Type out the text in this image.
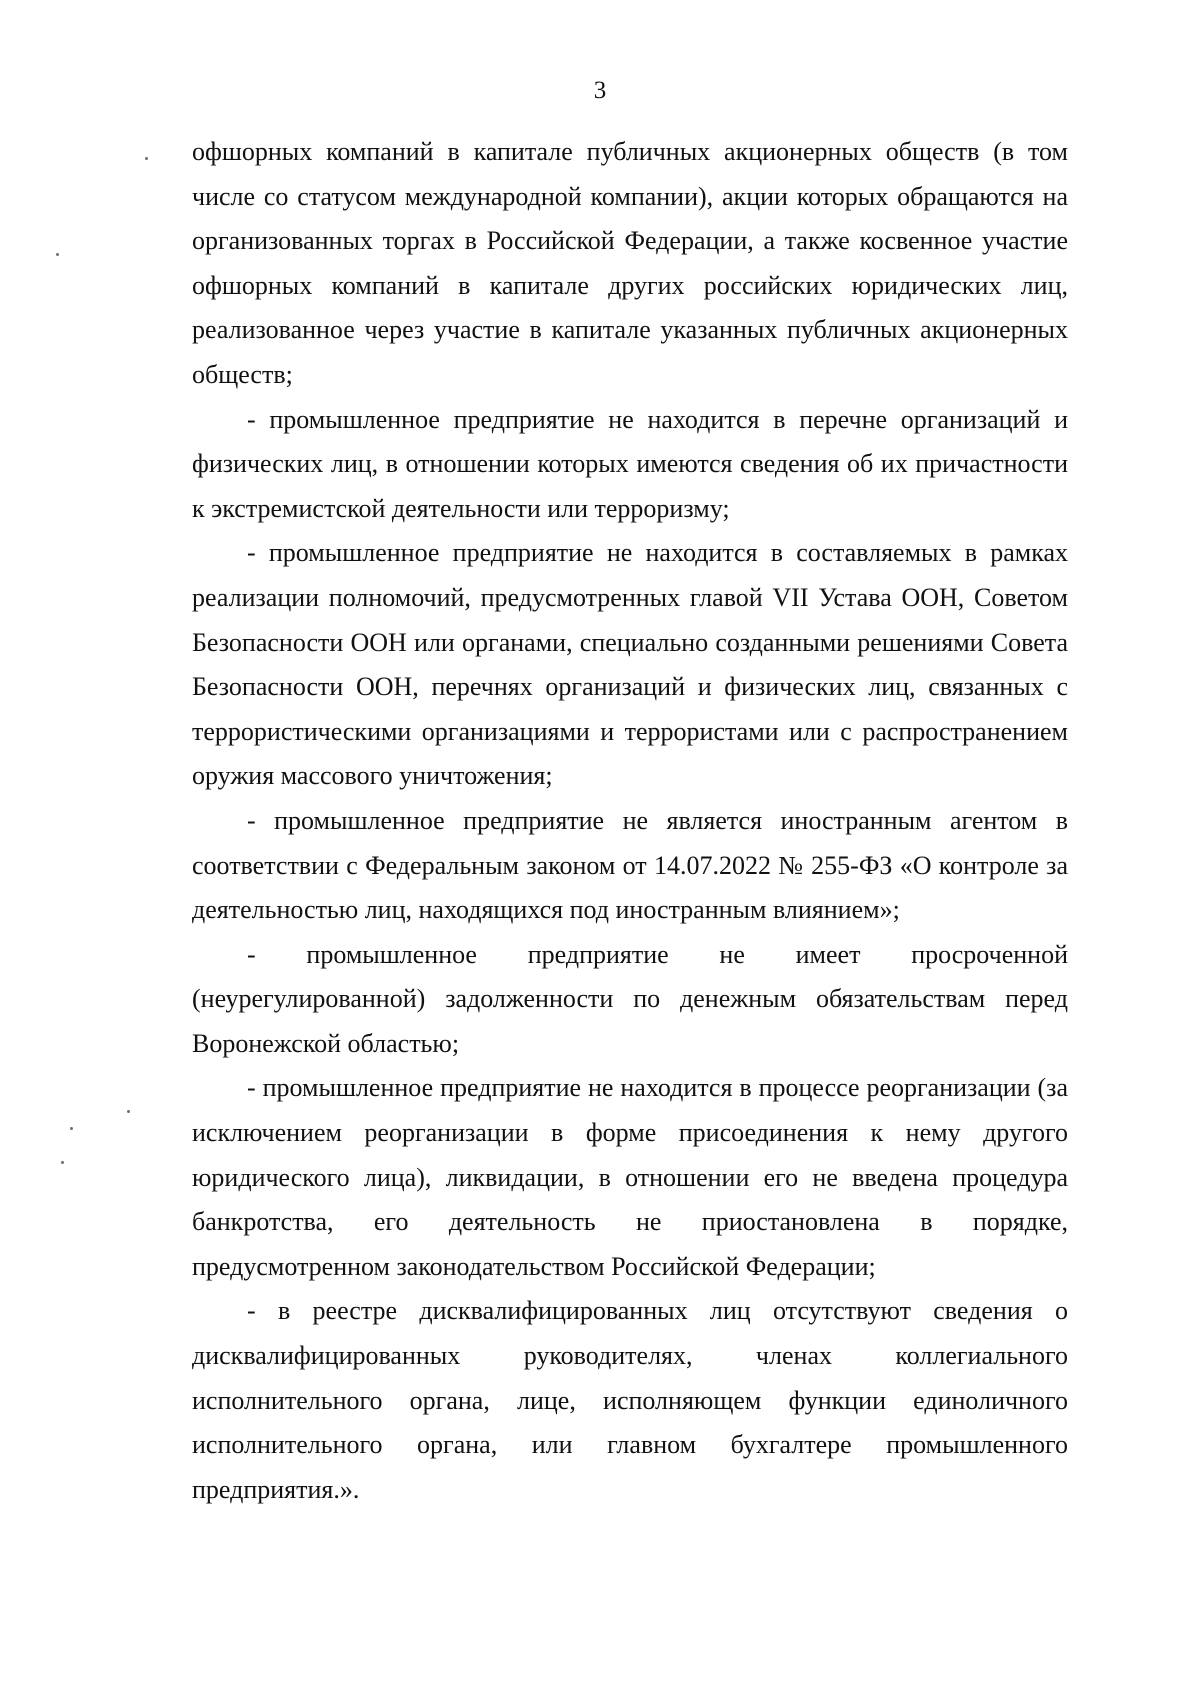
3

офшорных компаний в капитале публичных акционерных обществ (в том числе со статусом международной компании), акции которых обращаются на организованных торгах в Российской Федерации, а также косвенное участие офшорных компаний в капитале других российских юридических лиц, реализованное через участие в капитале указанных публичных акционерных обществ;

- промышленное предприятие не находится в перечне организаций и физических лиц, в отношении которых имеются сведения об их причастности к экстремистской деятельности или терроризму;

- промышленное предприятие не находится в составляемых в рамках реализации полномочий, предусмотренных главой VII Устава ООН, Советом Безопасности ООН или органами, специально созданными решениями Совета Безопасности ООН, перечнях организаций и физических лиц, связанных с террористическими организациями и террористами или с распространением оружия массового уничтожения;

- промышленное предприятие не является иностранным агентом в соответствии с Федеральным законом от 14.07.2022 № 255-ФЗ «О контроле за деятельностью лиц, находящихся под иностранным влиянием»;

- промышленное предприятие не имеет просроченной (неурегулированной) задолженности по денежным обязательствам перед Воронежской областью;

- промышленное предприятие не находится в процессе реорганизации (за исключением реорганизации в форме присоединения к нему другого юридического лица), ликвидации, в отношении его не введена процедура банкротства, его деятельность не приостановлена в порядке, предусмотренном законодательством Российской Федерации;

- в реестре дисквалифицированных лиц отсутствуют сведения о дисквалифицированных руководителях, членах коллегиального исполнительного органа, лице, исполняющем функции единоличного исполнительного органа, или главном бухгалтере промышленного предприятия.».
